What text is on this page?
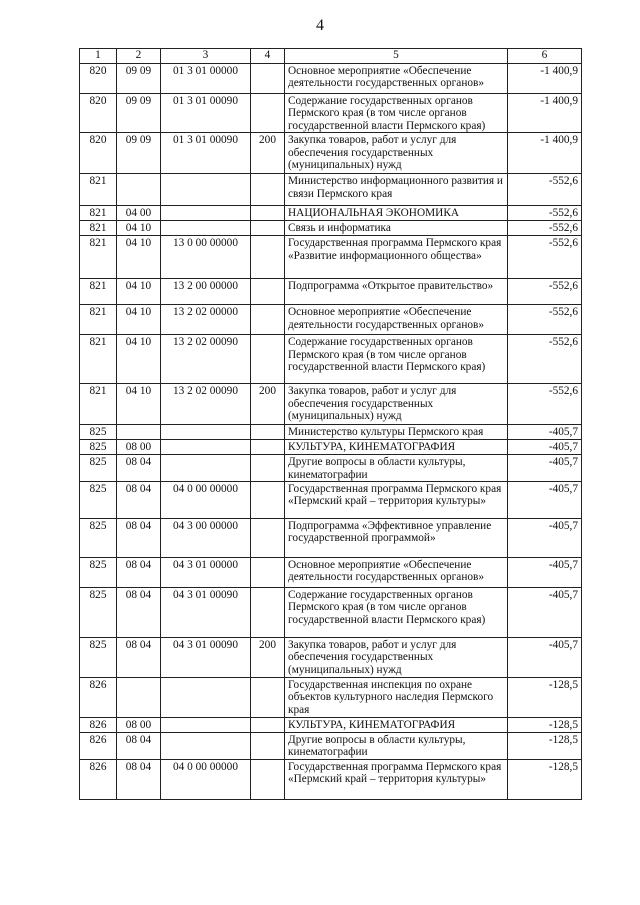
4
1	2	3	4	5	6
820	09 09	01 3 01 00000		Основное мероприятие «Обеспечение деятельности государственных органов»	-1 400,9
820	09 09	01 3 01 00090		Содержание государственных органов Пермского края (в том числе органов государственной власти Пермского края)	-1 400,9
820	09 09	01 3 01 00090	200	Закупка товаров, работ и услуг для обеспечения государственных (муниципальных) нужд	-1 400,9
821				Министерство информационного развития и связи Пермского края	-552,6
821	04 00			НАЦИОНАЛЬНАЯ ЭКОНОМИКА	-552,6
821	04 10			Связь и информатика	-552,6
821	04 10	13 0 00 00000		Государственная программа Пермского края «Развитие информационного общества»	-552,6
821	04 10	13 2 00 00000		Подпрограмма «Открытое правительство»	-552,6
821	04 10	13 2 02 00000		Основное мероприятие «Обеспечение деятельности государственных органов»	-552,6
821	04 10	13 2 02 00090		Содержание государственных органов Пермского края (в том числе органов государственной власти Пермского края)	-552,6
821	04 10	13 2 02 00090	200	Закупка товаров, работ и услуг для обеспечения государственных (муниципальных) нужд	-552,6
825				Министерство культуры Пермского края	-405,7
825	08 00			КУЛЬТУРА, КИНЕМАТОГРАФИЯ	-405,7
825	08 04			Другие вопросы в области культуры, кинематографии	-405,7
825	08 04	04 0 00 00000		Государственная программа Пермского края «Пермский край – территория культуры»	-405,7
825	08 04	04 3 00 00000		Подпрограмма «Эффективное управление государственной программой»	-405,7
825	08 04	04 3 01 00000		Основное мероприятие «Обеспечение деятельности государственных органов»	-405,7
825	08 04	04 3 01 00090		Содержание государственных органов Пермского края (в том числе органов государственной власти Пермского края)	-405,7
825	08 04	04 3 01 00090	200	Закупка товаров, работ и услуг для обеспечения государственных (муниципальных) нужд	-405,7
826				Государственная инспекция по охране объектов культурного наследия Пермского края	-128,5
826	08 00			КУЛЬТУРА, КИНЕМАТОГРАФИЯ	-128,5
826	08 04			Другие вопросы в области культуры, кинематографии	-128,5
826	08 04	04 0 00 00000		Государственная программа Пермского края «Пермский край – территория культуры»	-128,5
